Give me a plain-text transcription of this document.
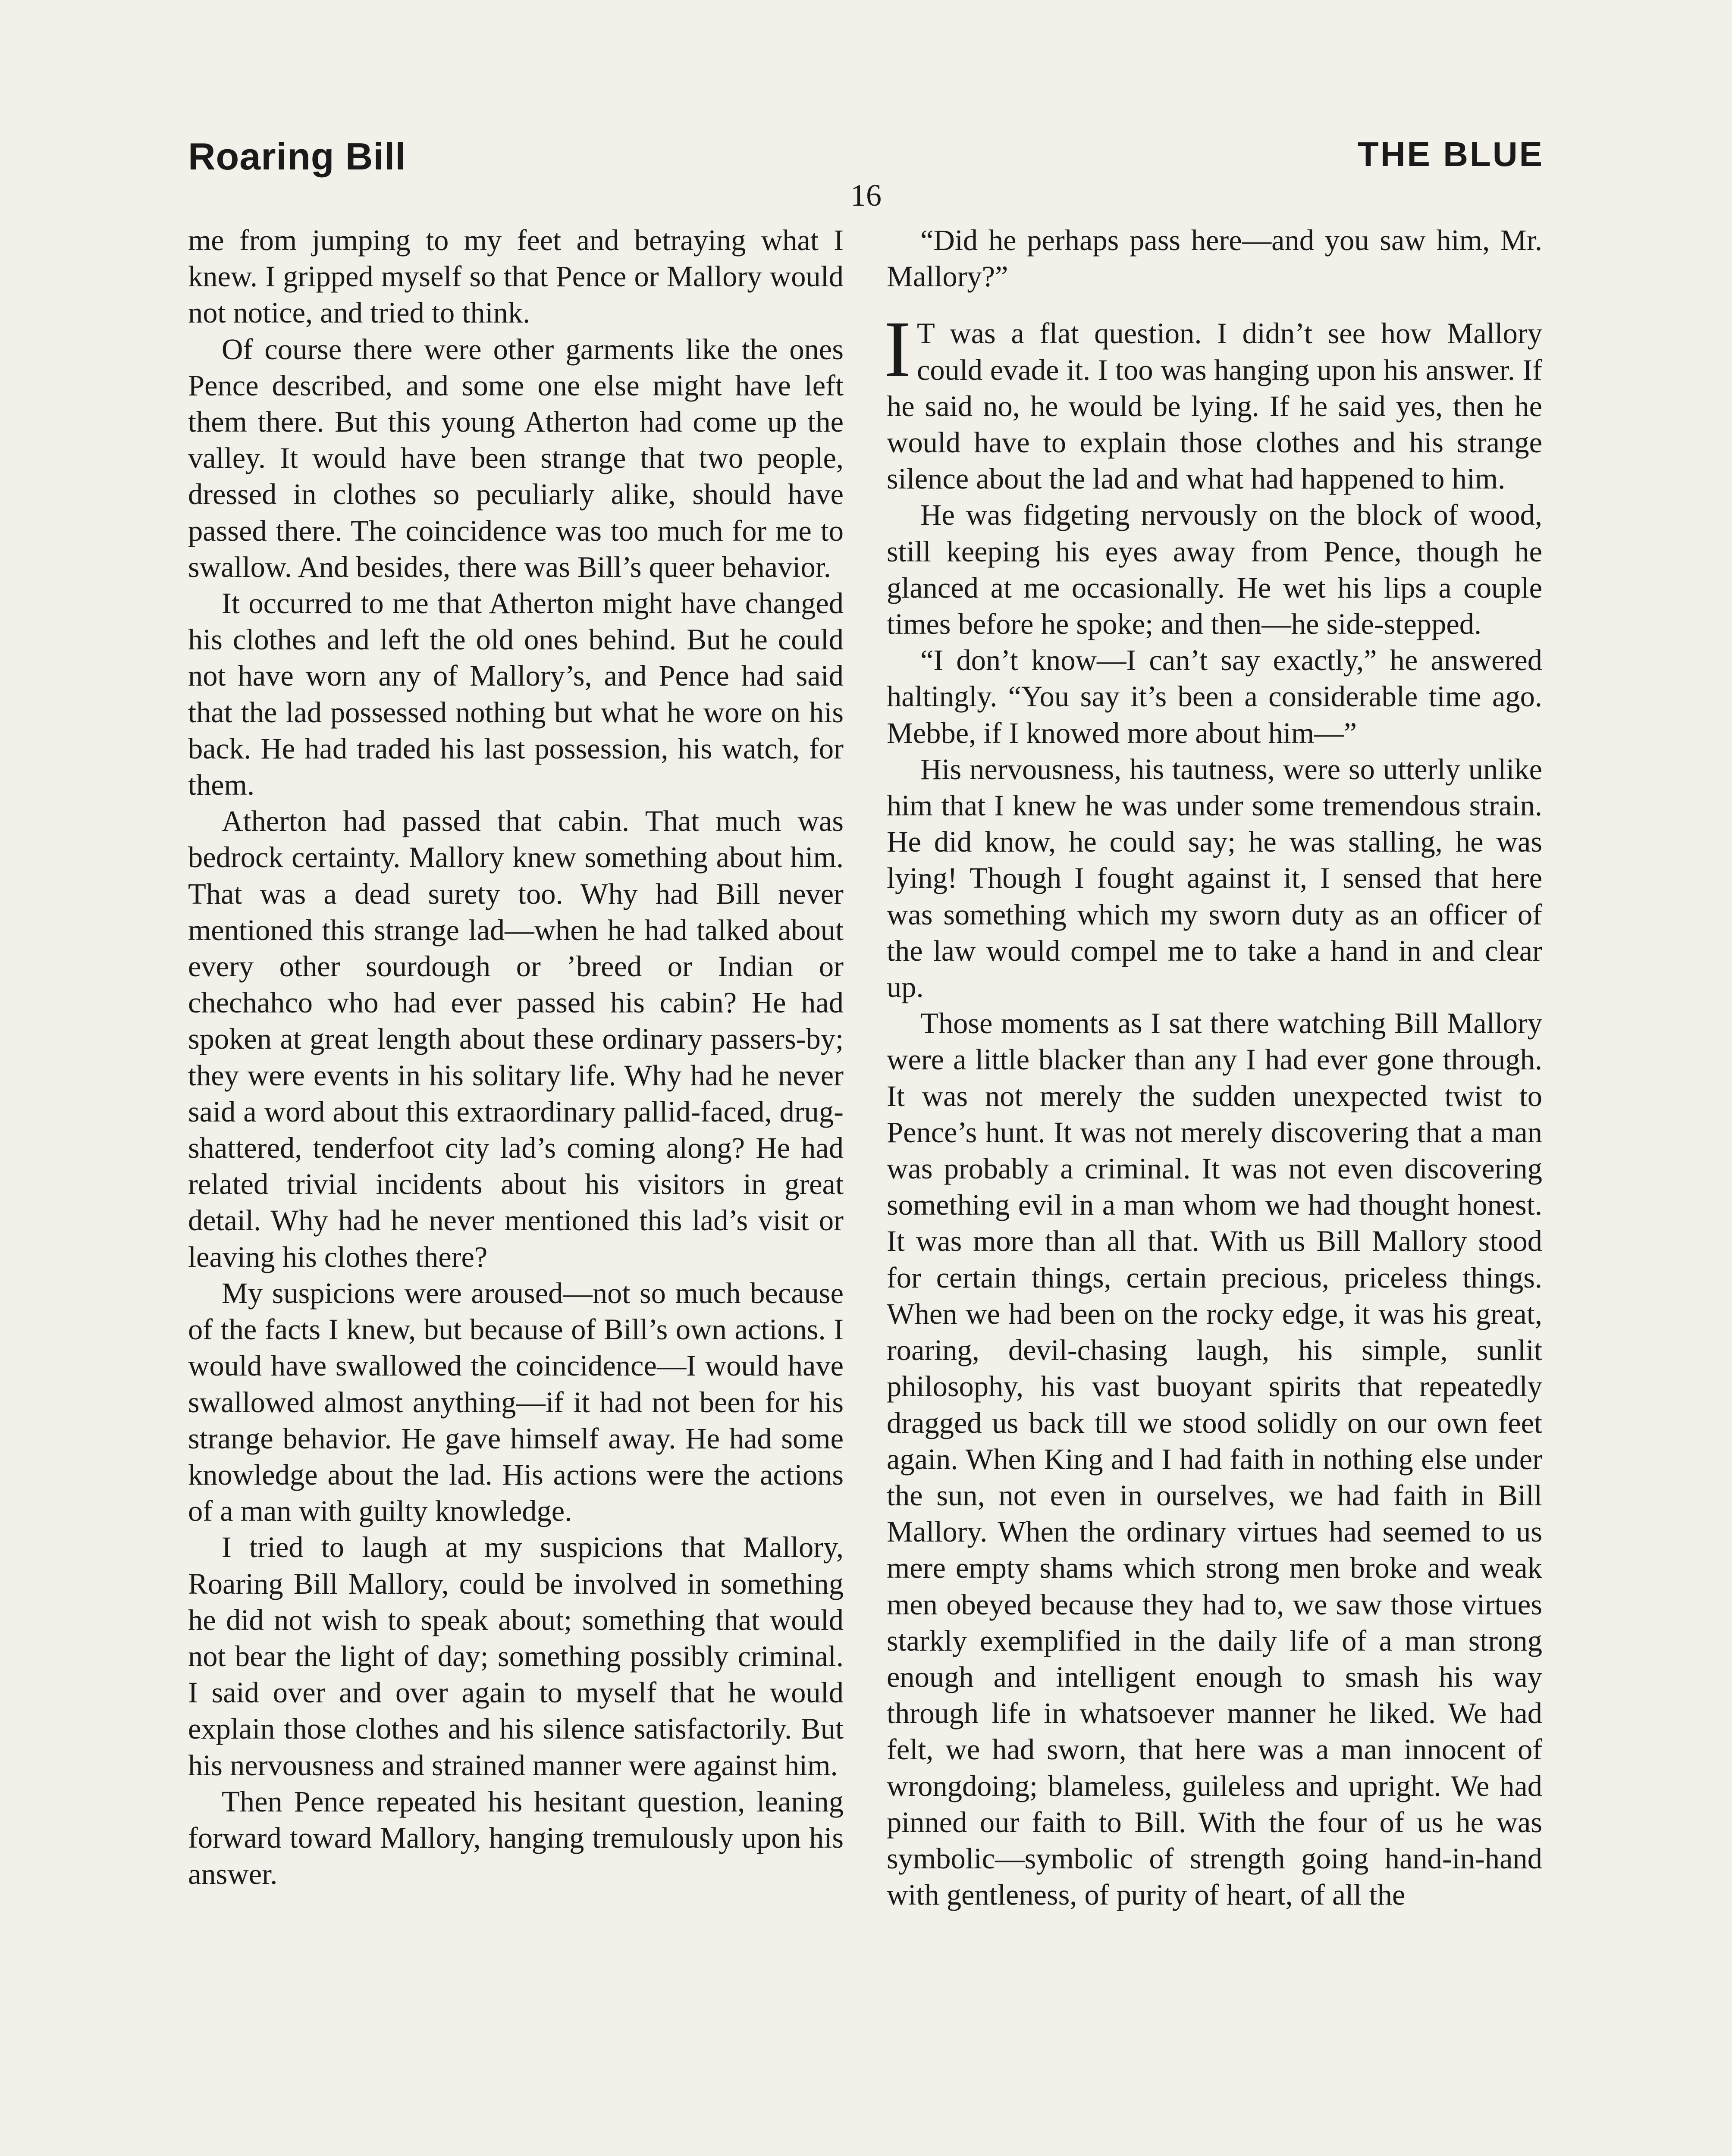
Roaring Bill	THE BLUE
16

me from jumping to my feet and betraying what I knew. I gripped myself so that Pence or Mallory would not notice, and tried to think.

Of course there were other garments like the ones Pence described, and some one else might have left them there. But this young Atherton had come up the valley. It would have been strange that two people, dressed in clothes so peculiarly alike, should have passed there. The coincidence was too much for me to swallow. And besides, there was Bill’s queer behavior.

It occurred to me that Atherton might have changed his clothes and left the old ones behind. But he could not have worn any of Mallory’s, and Pence had said that the lad possessed nothing but what he wore on his back. He had traded his last possession, his watch, for them.

Atherton had passed that cabin. That much was bedrock certainty. Mallory knew something about him. That was a dead surety too. Why had Bill never mentioned this strange lad—when he had talked about every other sourdough or ’breed or Indian or chechahco who had ever passed his cabin? He had spoken at great length about these ordinary passers-by; they were events in his solitary life. Why had he never said a word about this extraordinary pallid-faced, drug-shattered, tenderfoot city lad’s coming along? He had related trivial incidents about his visitors in great detail. Why had he never mentioned this lad’s visit or leaving his clothes there?

My suspicions were aroused—not so much because of the facts I knew, but because of Bill’s own actions. I would have swallowed the coincidence—I would have swallowed almost anything—if it had not been for his strange behavior. He gave himself away. He had some knowledge about the lad. His actions were the actions of a man with guilty knowledge.

I tried to laugh at my suspicions that Mallory, Roaring Bill Mallory, could be involved in something he did not wish to speak about; something that would not bear the light of day; something possibly criminal. I said over and over again to myself that he would explain those clothes and his silence satisfactorily. But his nervousness and strained manner were against him.

Then Pence repeated his hesitant question, leaning forward toward Mallory, hanging tremulously upon his answer.

“Did he perhaps pass here—and you saw him, Mr. Mallory?”

I T was a flat question. I didn’t see how Mallory could evade it. I too was hanging upon his answer. If he said no, he would be lying. If he said yes, then he would have to explain those clothes and his strange silence about the lad and what had happened to him.

He was fidgeting nervously on the block of wood, still keeping his eyes away from Pence, though he glanced at me occasionally. He wet his lips a couple times before he spoke; and then—he side-stepped.

“I don’t know—I can’t say exactly,” he answered haltingly. “You say it’s been a considerable time ago. Mebbe, if I knowed more about him—”

His nervousness, his tautness, were so utterly unlike him that I knew he was under some tremendous strain. He did know, he could say; he was stalling, he was lying! Though I fought against it, I sensed that here was something which my sworn duty as an officer of the law would compel me to take a hand in and clear up.

Those moments as I sat there watching Bill Mallory were a little blacker than any I had ever gone through. It was not merely the sudden unexpected twist to Pence’s hunt. It was not merely discovering that a man was probably a criminal. It was not even discovering something evil in a man whom we had thought honest. It was more than all that. With us Bill Mallory stood for certain things, certain precious, priceless things. When we had been on the rocky edge, it was his great, roaring, devil-chasing laugh, his simple, sunlit philosophy, his vast buoyant spirits that repeatedly dragged us back till we stood solidly on our own feet again. When King and I had faith in nothing else under the sun, not even in ourselves, we had faith in Bill Mallory. When the ordinary virtues had seemed to us mere empty shams which strong men broke and weak men obeyed because they had to, we saw those virtues starkly exemplified in the daily life of a man strong enough and intelligent enough to smash his way through life in whatsoever manner he liked. We had felt, we had sworn, that here was a man innocent of wrongdoing; blameless, guileless and upright. We had pinned our faith to Bill. With the four of us he was symbolic—symbolic of strength going hand-in-hand with gentleness, of purity of heart, of all the
